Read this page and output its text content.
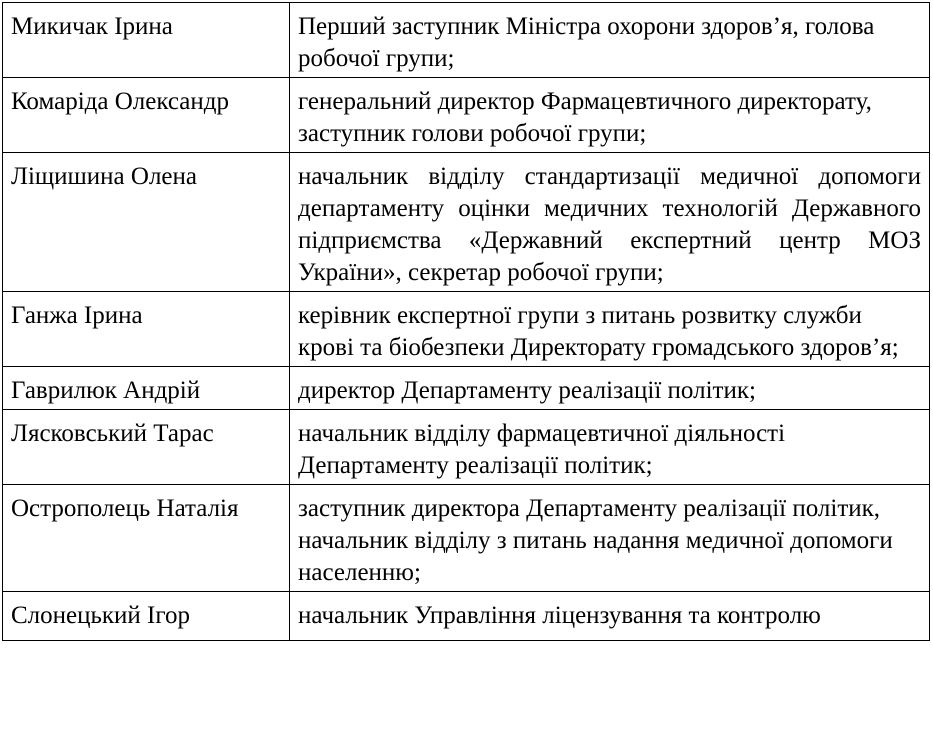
Микичак Ірина	Перший заступник Міністра охорони здоров’я, голова робочої групи;
Комаріда Олександр	генеральний директор Фармацевтичного директорату, заступник голови робочої групи;
Ліщишина Олена	начальник відділу стандартизації медичної допомоги департаменту оцінки медичних технологій Державного підприємства «Державний експертний центр МОЗ України», секретар робочої групи;
Ганжа Ірина	керівник експертної групи з питань розвитку служби крові та біобезпеки Директорату громадського здоров’я;
Гаврилюк Андрій	директор Департаменту реалізації політик;
Лясковський Тарас	начальник відділу фармацевтичної діяльності Департаменту реалізації політик;
Острополець Наталія	заступник директора Департаменту реалізації політик, начальник відділу з питань надання медичної допомоги населенню;
Слонецький Ігор	начальник Управління ліцензування та контролю
